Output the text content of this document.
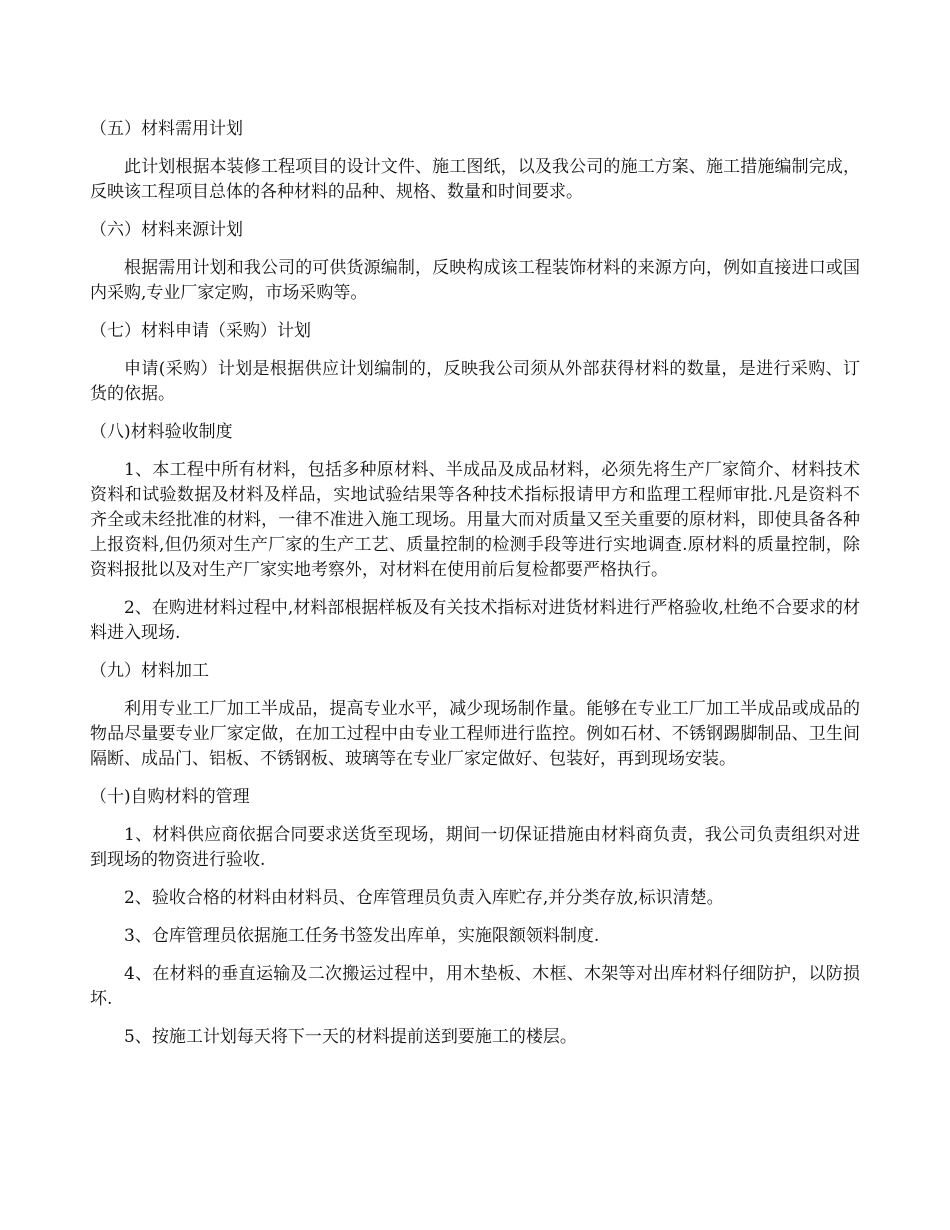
（五）材料需用计划

此计划根据本装修工程项目的设计文件、施工图纸，以及我公司的施工方案、施工措施编制完成，反映该工程项目总体的各种材料的品种、规格、数量和时间要求。

（六）材料来源计划

根据需用计划和我公司的可供货源编制，反映构成该工程装饰材料的来源方向，例如直接进口或国内采购,专业厂家定购，市场采购等。

（七）材料申请（采购）计划

申请(采购）计划是根据供应计划编制的，反映我公司须从外部获得材料的数量，是进行采购、订货的依据。

（八)材料验收制度

1、本工程中所有材料，包括多种原材料、半成品及成品材料，必须先将生产厂家简介、材料技术资料和试验数据及材料及样品，实地试验结果等各种技术指标报请甲方和监理工程师审批.凡是资料不齐全或未经批准的材料，一律不准进入施工现场。用量大而对质量又至关重要的原材料，即使具备各种上报资料,但仍须对生产厂家的生产工艺、质量控制的检测手段等进行实地调查.原材料的质量控制，除资料报批以及对生产厂家实地考察外，对材料在使用前后复检都要严格执行。

2、在购进材料过程中,材料部根据样板及有关技术指标对进货材料进行严格验收,杜绝不合要求的材料进入现场.

（九）材料加工

利用专业工厂加工半成品，提高专业水平，减少现场制作量。能够在专业工厂加工半成品或成品的物品尽量要专业厂家定做，在加工过程中由专业工程师进行监控。例如石材、不锈钢踢脚制品、卫生间隔断、成品门、铝板、不锈钢板、玻璃等在专业厂家定做好、包装好，再到现场安装。

（十)自购材料的管理

1、材料供应商依据合同要求送货至现场，期间一切保证措施由材料商负责，我公司负责组织对进到现场的物资进行验收.

2、验收合格的材料由材料员、仓库管理员负责入库贮存,并分类存放,标识清楚。

3、仓库管理员依据施工任务书签发出库单，实施限额领料制度.

4、在材料的垂直运输及二次搬运过程中，用木垫板、木框、木架等对出库材料仔细防护，以防损坏.

5、按施工计划每天将下一天的材料提前送到要施工的楼层。
